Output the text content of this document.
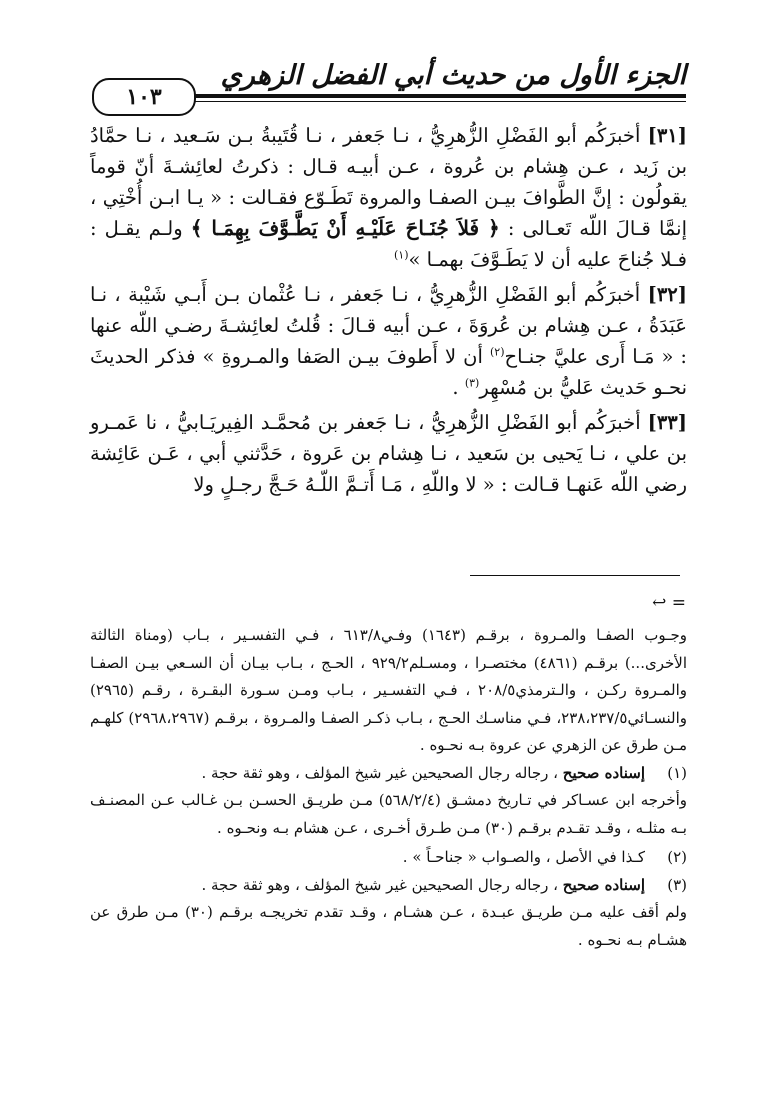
الجزء الأول من حديث أبي الفضل الزهري
١٠٣

[٣١] أخبرَكُم أبو الفَضْلِ الزُّهرِيُّ ، نـا جَعفر ، نـا قُتَيبةُ بـن سَـعيد ، نـا حمَّادُ بن زَيد ، عـن هِشام بن عُروة ، عـن أبيـه قـال : ذكرتُ لعائِشـةَ أنّ قوماً يقولُون : إنَّ الطَّوافَ بيـن الصفـا والمروة تَطَـوّع فقـالت : « يـا ابـن أُخْتِي ، إنمَّا قـالَ اللّه تَعـالى : ﴿ فَلاَ جُنَـاحَ عَلَيْـهِ أَنْ يَطَّـوَّفَ بِهِمَـا ﴾ ولـم يقـل : فـلا جُناحَ عليه أن لا يَطَـوَّفَ بهمـا »$^{(١)}$

[٣٢] أخبرَكُم أبو الفَضْلِ الزُّهرِيُّ ، نـا جَعفر ، نـا عُثْمان بـن أَبـي شَيْبة ، نـا عَبَدَةُ ، عـن هِشام بن عُروَةَ ، عـن أبيه قـالَ : قُلتُ لعائِشـةَ رضـي اللّه عنها : « مَـا أَرى عليَّ جنـاح$^{(٢)}$ أن لا أَطوفَ بيـن الصَفا والمـروةِ » فذكر الحديثَ نحـو حَديث عَليُّ بن مُسْهِر$^{(٣)}$ .

[٣٣] أخبرَكُم أبو الفَضْلِ الزُّهرِيُّ ، نـا جَعفر بن مُحمَّـد الفِيريَـابيُّ ، نا عَمـرو بن علي ، نـا يَحيى بن سَعيد ، نـا هِشام بن عَروة ، حَدَّثني أبي ، عَـن عَائِشة رضي اللّه عَنهـا قـالت : « لا واللّهِ ، مَـا أَتـمَّ اللّـهُ حَـجَّ رجـلٍ ولا

= ↩

وجـوب الصفـا والمـروة ، برقـم (١٦٤٣) وفـي٦١٣/٨ ، فـي التفسـير ، بـاب (ومناة الثالثة الأخرى...) برقـم (٤٨٦١) مختصـرا ، ومسـلم٩٢٩/٢ ، الحـج ، بـاب بيـان أن السـعي بيـن الصفـا والمـروة ركـن ، والـترمذي٢٠٨/٥ ، فـي التفسـير ، بـاب ومـن سـورة البقـرة ، رقـم (٢٩٦٥) والنسـائي٢٣٨،٢٣٧/٥، فـي مناسـك الحـج ، بـاب ذكـر الصفـا والمـروة ، برقـم (٢٩٦٨،٢٩٦٧) كلهـم مـن طرق عن الزهري عن عروة بـه نحـوه .

(١)

إسناده صحيح ، رجاله رجال الصحيحين غير شيخ المؤلف ، وهو ثقة حجة .

وأخرجه ابن عسـاكر في تـاريخ دمشـق (٥٦٨/٢/٤) مـن طريـق الحسـن بـن غـالب عـن المصنـف بـه مثلـه ، وقـد تقـدم برقـم (٣٠) مـن طـرق أخـرى ، عـن هشام بـه ونحـوه .

(٢)

كـذا في الأصل ، والصـواب « جناحـاً » .

(٣)

إسناده صحيح ، رجاله رجال الصحيحين غير شيخ المؤلف ، وهو ثقة حجة .

ولم أقف عليه مـن طريـق عبـدة ، عـن هشـام ، وقـد تقدم تخريجـه برقـم (٣٠) مـن طرق عن هشـام بـه نحـوه .
